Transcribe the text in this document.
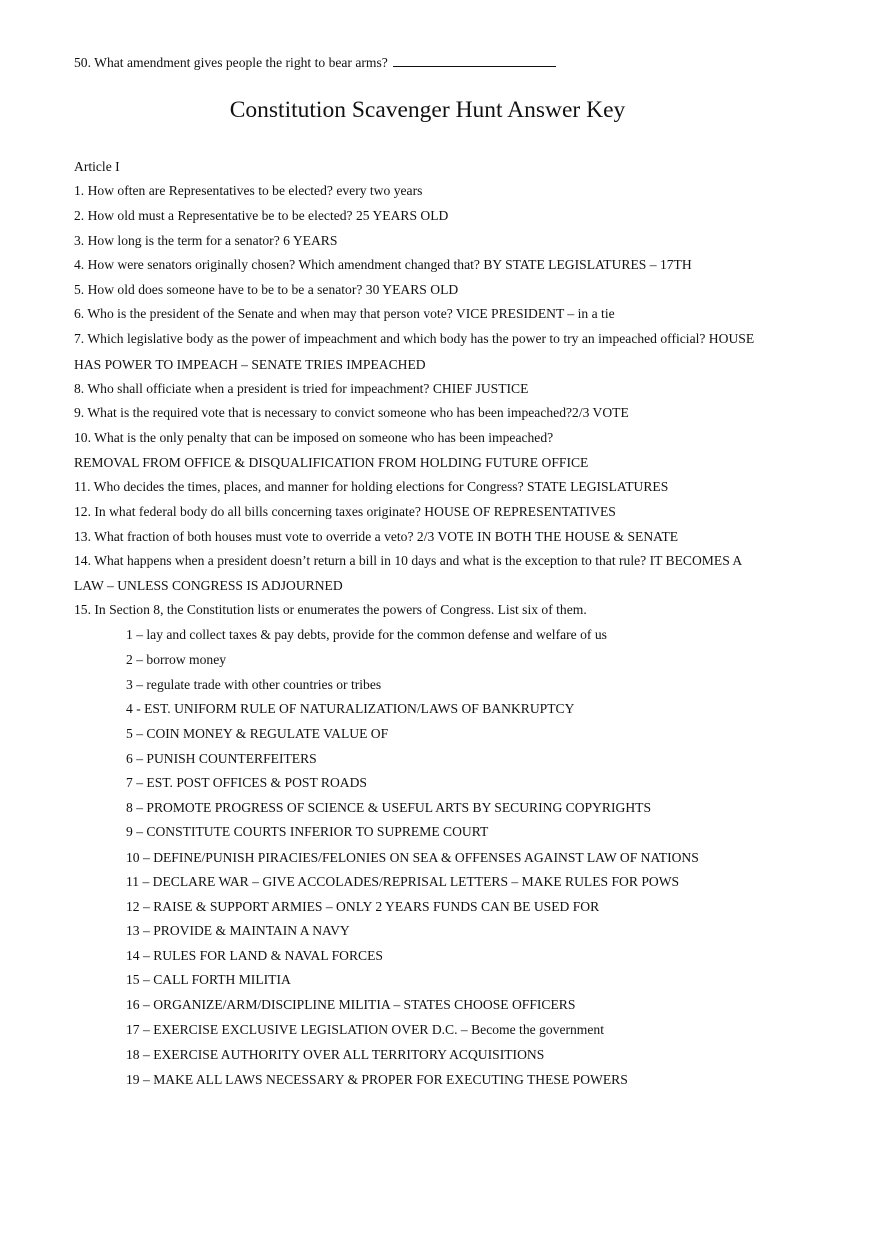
50. What amendment gives people the right to bear arms?
Constitution Scavenger Hunt Answer Key
Article I
1. How often are Representatives to be elected? every two years
2. How old must a Representative be to be elected? 25 YEARS OLD
3. How long is the term for a senator? 6 YEARS
4. How were senators originally chosen? Which amendment changed that? BY STATE LEGISLATURES – 17TH
5. How old does someone have to be to be a senator? 30 YEARS OLD
6. Who is the president of the Senate and when may that person vote? VICE PRESIDENT – in a tie
7. Which legislative body as the power of impeachment and which body has the power to try an impeached official? HOUSE
HAS POWER TO IMPEACH – SENATE TRIES IMPEACHED
8. Who shall officiate when a president is tried for impeachment? CHIEF JUSTICE
9. What is the required vote that is necessary to convict someone who has been impeached?2/3 VOTE
10. What is the only penalty that can be imposed on someone who has been impeached?
REMOVAL FROM OFFICE & DISQUALIFICATION FROM HOLDING FUTURE OFFICE
11. Who decides the times, places, and manner for holding elections for Congress? STATE LEGISLATURES
12. In what federal body do all bills concerning taxes originate? HOUSE OF REPRESENTATIVES
13. What fraction of both houses must vote to override a veto? 2/3 VOTE IN BOTH THE HOUSE & SENATE
14. What happens when a president doesn’t return a bill in 10 days and what is the exception to that rule? IT BECOMES A
LAW – UNLESS CONGRESS IS ADJOURNED
15. In Section 8, the Constitution lists or enumerates the powers of Congress. List six of them.
1 – lay and collect taxes & pay debts, provide for the common defense and welfare of us
2 – borrow money
3 – regulate trade with other countries or tribes
4 - EST. UNIFORM RULE OF NATURALIZATION/LAWS OF BANKRUPTCY
5 – COIN MONEY & REGULATE VALUE OF
6 – PUNISH COUNTERFEITERS
7 – EST. POST OFFICES & POST ROADS
8 – PROMOTE PROGRESS OF SCIENCE & USEFUL ARTS BY SECURING COPYRIGHTS
9 – CONSTITUTE COURTS INFERIOR TO SUPREME COURT
10 – DEFINE/PUNISH PIRACIES/FELONIES ON SEA & OFFENSES AGAINST LAW OF NATIONS
11 – DECLARE WAR – GIVE ACCOLADES/REPRISAL LETTERS – MAKE RULES FOR POWS
12 – RAISE & SUPPORT ARMIES – ONLY 2 YEARS FUNDS CAN BE USED FOR
13 – PROVIDE & MAINTAIN A NAVY
14 – RULES FOR LAND & NAVAL FORCES
15 – CALL FORTH MILITIA
16 – ORGANIZE/ARM/DISCIPLINE MILITIA – STATES CHOOSE OFFICERS
17 – EXERCISE EXCLUSIVE LEGISLATION OVER D.C. – Become the government
18 – EXERCISE AUTHORITY OVER ALL TERRITORY ACQUISITIONS
19 – MAKE ALL LAWS NECESSARY & PROPER FOR EXECUTING THESE POWERS
